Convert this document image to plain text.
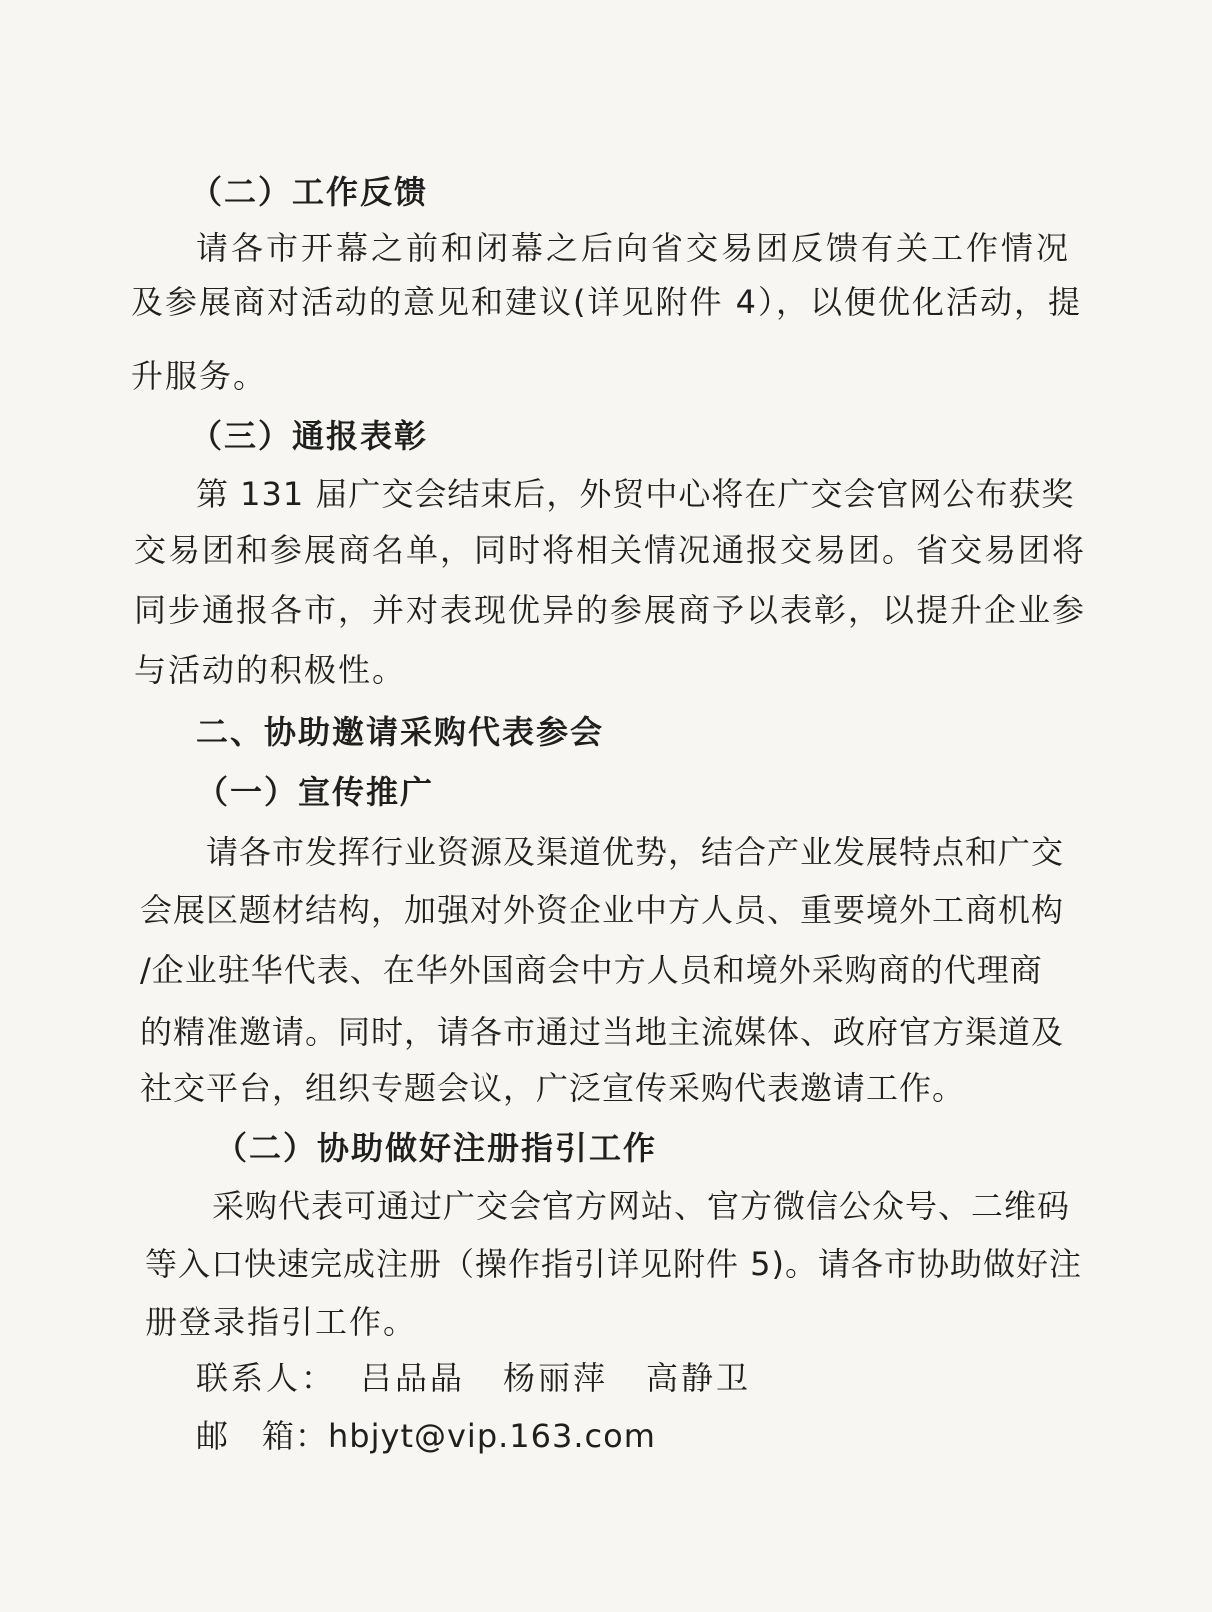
（二）工作反馈
请各市开幕之前和闭幕之后向省交易团反馈有关工作情况
及参展商对活动的意见和建议(详见附件 4），以便优化活动，提
升服务。
（三）通报表彰
第 131 届广交会结束后，外贸中心将在广交会官网公布获奖
交易团和参展商名单，同时将相关情况通报交易团。省交易团将
同步通报各市，并对表现优异的参展商予以表彰，以提升企业参
与活动的积极性。
二、协助邀请采购代表参会
（一）宣传推广
请各市发挥行业资源及渠道优势，结合产业发展特点和广交
会展区题材结构，加强对外资企业中方人员、重要境外工商机构
/企业驻华代表、在华外国商会中方人员和境外采购商的代理商
的精准邀请。同时，请各市通过当地主流媒体、政府官方渠道及
社交平台，组织专题会议，广泛宣传采购代表邀请工作。
（二）协助做好注册指引工作
采购代表可通过广交会官方网站、官方微信公众号、二维码
等入口快速完成注册（操作指引详见附件 5)。请各市协助做好注
册登录指引工作。
联系人： 吕品晶 杨丽萍 高静卫
邮　箱：hbjyt@vip.163.com
